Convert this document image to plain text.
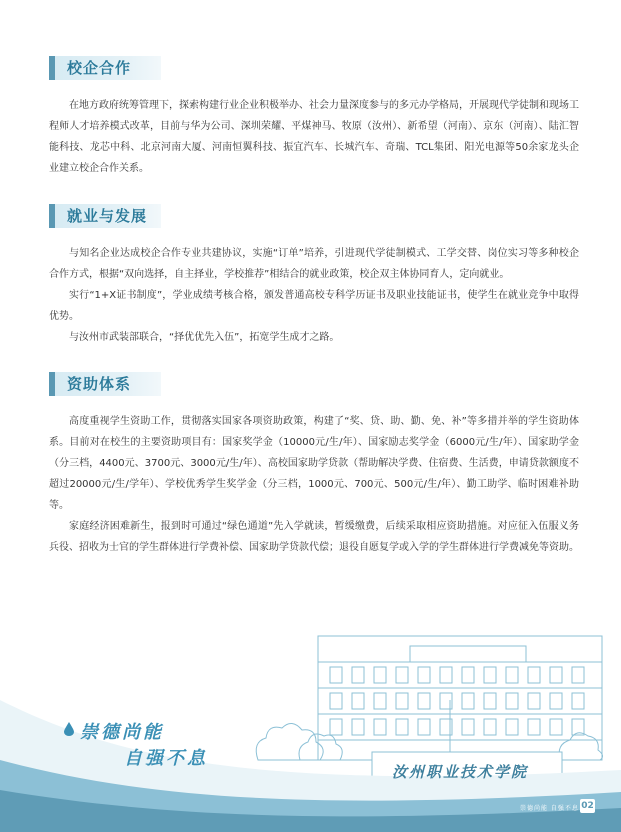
校企合作

在地方政府统筹管理下，探索构建行业企业积极举办、社会力量深度参与的多元办学格局，开展现代学徒制和现场工程师人才培养模式改革，目前与华为公司、深圳荣耀、平煤神马、牧原（汝州）、新希望（河南）、京东（河南）、陆汇智能科技、龙芯中科、北京河南大厦、河南恒翼科技、振宜汽车、长城汽车、奇瑞、TCL集团、阳光电源等50余家龙头企业建立校企合作关系。

就业与发展

与知名企业达成校企合作专业共建协议，实施“订单”培养，引进现代学徒制模式、工学交替、岗位实习等多种校企合作方式，根据“双向选择，自主择业，学校推荐”相结合的就业政策，校企双主体协同育人，定向就业。

实行“1+X证书制度”，学业成绩考核合格，颁发普通高校专科学历证书及职业技能证书，使学生在就业竞争中取得优势。

与汝州市武装部联合，“择优优先入伍”，拓宽学生成才之路。

资助体系

高度重视学生资助工作，贯彻落实国家各项资助政策，构建了“奖、贷、助、勤、免、补”等多措并举的学生资助体系。目前对在校生的主要资助项目有：国家奖学金（10000元/生/年）、国家励志奖学金（6000元/生/年）、国家助学金（分三档，4400元、3700元、3000元/生/年）、高校国家助学贷款（帮助解决学费、住宿费、生活费，申请贷款额度不超过20000元/生/学年）、学校优秀学生奖学金（分三档，1000元、700元、500元/生/年）、勤工助学、临时困难补助等。

家庭经济困难新生，报到时可通过“绿色通道”先入学就读，暂缓缴费，后续采取相应资助措施。对应征入伍服义务兵役、招收为士官的学生群体进行学费补偿、国家助学贷款代偿；退役自愿复学或入学的学生群体进行学费减免等资助。

崇德尚能
自强不息
汝州职业技术学院
崇德尚能 自强不息 02
